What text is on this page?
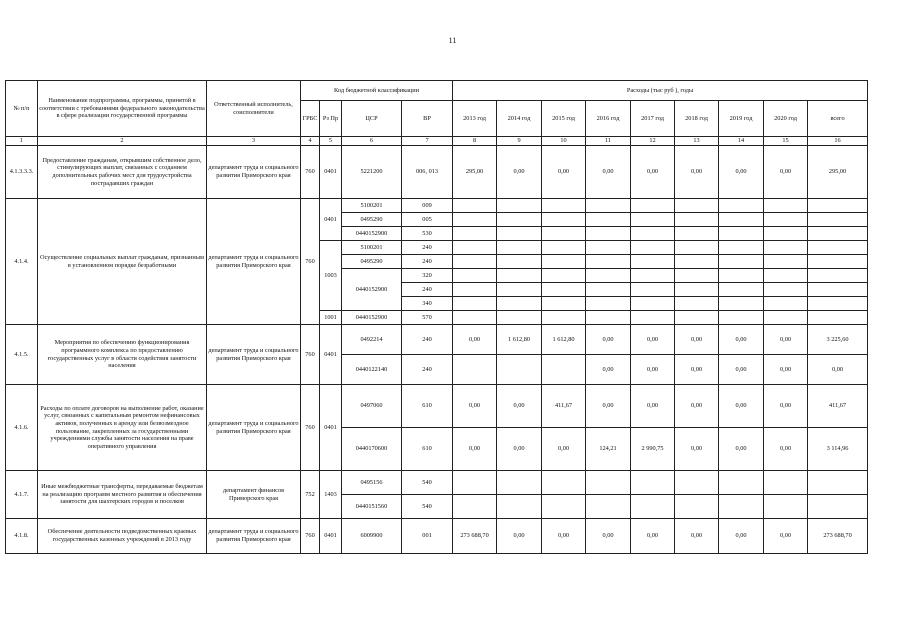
11
№ п/п	Наименование подпрограммы, программы, принятой в соответствии с требованиями федерального законодательства в сфере реализации государственной программы	Ответственный исполнитель, соисполнители	Код бюджетной классификации				Расходы (тыс руб ), годы								
			ГРБС	Рз Пр	ЦСР	ВР	2013 год	2014 год	2015 год	2016 год	2017 год	2018 год	2019 год	2020 год	всего
1	2	3	4	5	6	7	8	9	10	11	12	13	14	15	16
4.1.3.3.3.	Предоставление гражданам, открывшим собственное дело, стимулирующих выплат, связанных с созданием дополнительных рабочих мест для трудоустройства пострадавших граждан	департамент труда и социального развития Приморского края	760	0401	5221200	006, 013	295,00	0,00	0,00	0,00	0,00	0,00	0,00	0,00	295,00
4.1.4.	Осуществление социальных выплат гражданам, признанным в установленном порядке безработными	департамент труда и социального развития Приморского края	760	0401	5100201	009									
					0495290	005									
					0440152900	530									
				1003	5100201	240									
					0495290	240									
					0440152900	320									
						240									
						340									
				1001	0440152900	570									
4.1.5.	Мероприятия по обеспечению функционирования программного комплекса по предоставлению государственных услуг в области содействия занятости населения	департамент труда и социального развития Приморского края	760	0401	0492214	240	0,00	1 612,80	1 612,80	0,00	0,00	0,00	0,00	0,00	3 225,60
					0440122140	240				0,00	0,00	0,00	0,00	0,00	0,00
4.1.6.	Расходы по оплате договоров на выполнение работ, оказание услуг, связанных с капитальным ремонтом нефинансовых активов, полученных в аренду или безвозмездное пользование, закрепленных за государственными учреждениями службы занятости населения на праве оперативного управления	департамент труда и социального развития Приморского края	760	0401	0497060	610	0,00	0,00	411,67	0,00	0,00	0,00	0,00	0,00	411,67
					0440170600	610	0,00	0,00	0,00	124,21	2 990,75	0,00	0,00	0,00	3 114,96
4.1.7.	Иные межбюджетные трансферты, передаваемые бюджетам на реализацию программ местного развития и обеспечения занятости для шахтерских городов и поселков	департамент финансов Приморского края	752	1403	0495156	540									
					0440151560	540									
4.1.8.	Обеспечение деятельности подведомственных краевых государственных казенных учреждений в 2013 году	департамент труда и социального развития Приморского края	760	0401	6009900	001	273 688,70	0,00	0,00	0,00	0,00	0,00	0,00	0,00	273 688,70
